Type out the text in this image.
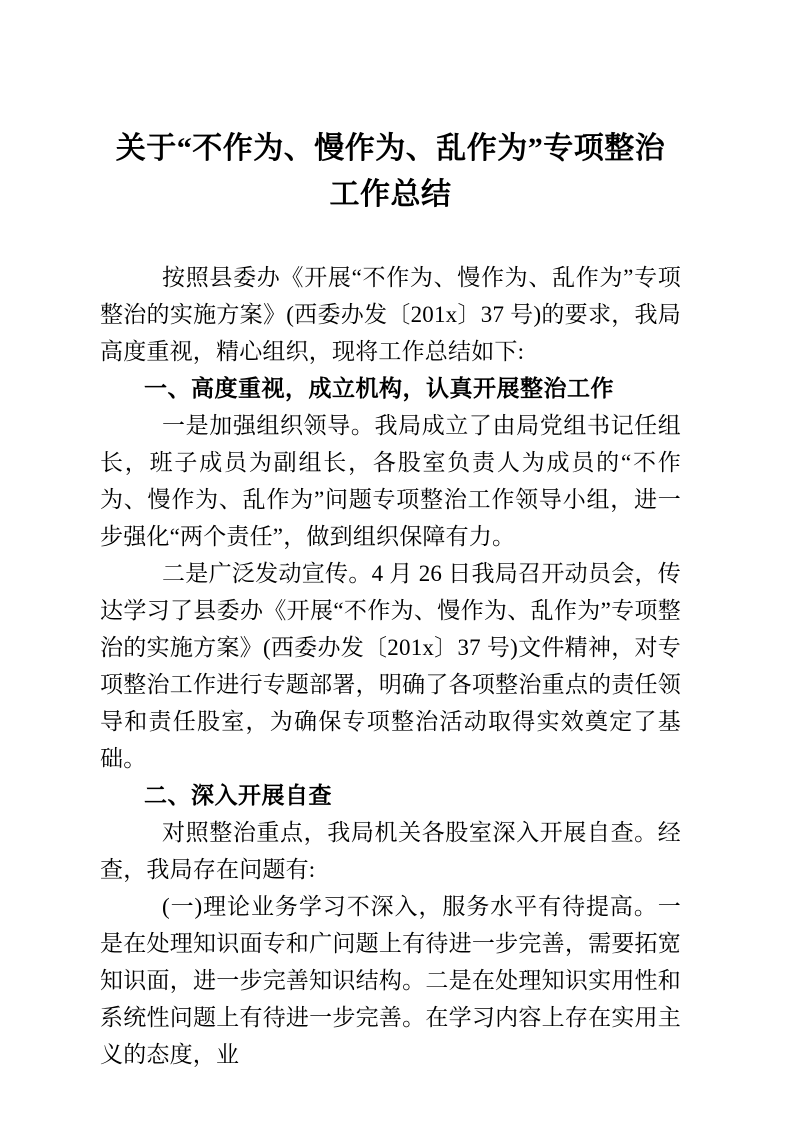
关于“不作为、慢作为、乱作为”专项整治
工作总结

按照县委办《开展“不作为、慢作为、乱作为”专项整治的实施方案》(西委办发〔201x〕37 号)的要求，我局高度重视，精心组织，现将工作总结如下:

一、高度重视，成立机构，认真开展整治工作

一是加强组织领导。我局成立了由局党组书记任组长，班子成员为副组长，各股室负责人为成员的“不作为、慢作为、乱作为”问题专项整治工作领导小组，进一步强化“两个责任”，做到组织保障有力。

二是广泛发动宣传。4 月 26 日我局召开动员会，传达学习了县委办《开展“不作为、慢作为、乱作为”专项整治的实施方案》(西委办发〔201x〕37 号)文件精神，对专项整治工作进行专题部署，明确了各项整治重点的责任领导和责任股室，为确保专项整治活动取得实效奠定了基础。

二、深入开展自查

对照整治重点，我局机关各股室深入开展自查。经查，我局存在问题有:

(一)理论业务学习不深入，服务水平有待提高。一是在处理知识面专和广问题上有待进一步完善，需要拓宽知识面，进一步完善知识结构。二是在处理知识实用性和系统性问题上有待进一步完善。在学习内容上存在实用主义的态度，业
